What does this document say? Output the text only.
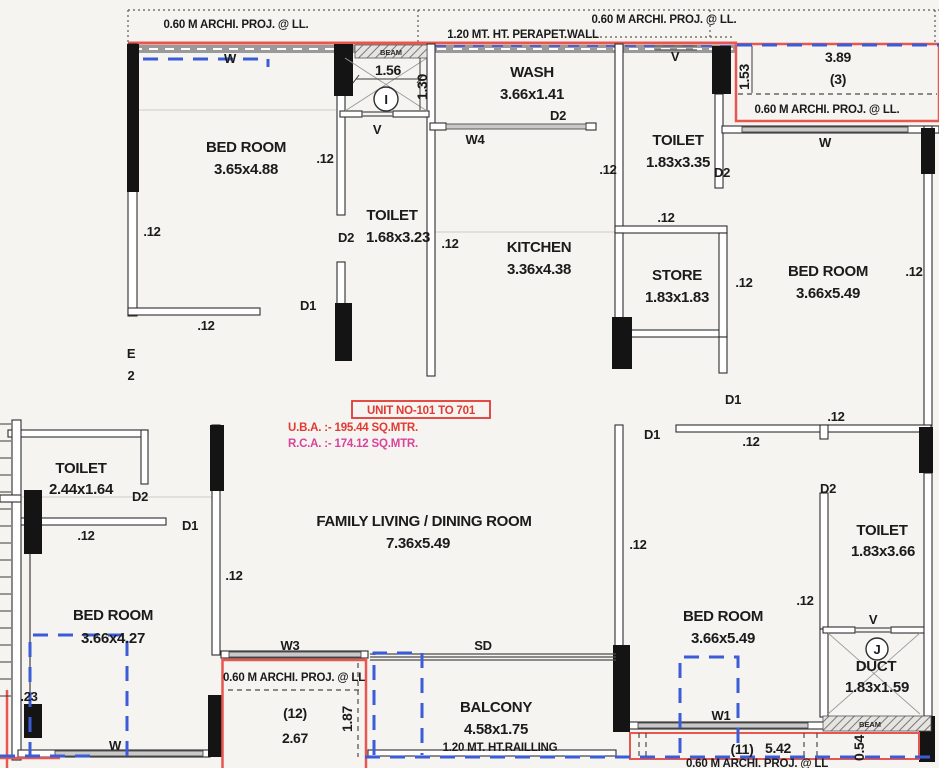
0.60 M ARCHI. PROJ. @ LL.
1.20 MT. HT. PERAPET.WALL
0.60 M ARCHI. PROJ. @ LL.
BEAM	3.89
(3)
1.53
0.60 M ARCHI. PROJ. @ LL.
W
BED ROOM
3.65x4.88
.12
.12
1.56
1.30
I
V
WASH
3.66x1.41
D2
W4
TOILET
D2 1.68x3.23
.12
D1
KITCHEN
3.36x4.38
.12
V
TOILET
1.83x3.35
.12	D2
.12
STORE
1.83x1.83
.12
W
BED ROOM
3.66x5.49
.12
D1
.12
D1	.12
D2
UNIT NO-101 TO 701
U.B.A. :- 195.44 SQ.MTR.
R.C.A. :- 174.12 SQ.MTR.
FAMILY LIVING / DINING ROOM
7.36x5.49
TOILET
2.44x1.64 D2
.12
D1
.12
E
2
BED ROOM
3.66x4.27
.23
W
W3
0.60 M ARCHI. PROJ. @ LL
(12)
2.67
1.87
SD
BALCONY
4.58x1.75
1.20 MT. HT.RAILLING
.12
BED ROOM
3.66x5.49
W1
TOILET
1.83x3.66
.12
V
J
DUCT
1.83x1.59
BEAM
(11) 5.42	0.54
0.60 M ARCHI. PROJ. @ LL
